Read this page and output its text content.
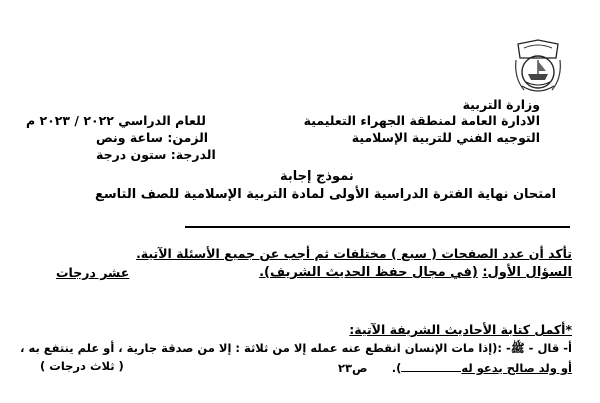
وزارة التربية
الادارة العامة لمنطقة الجهراء التعليمية
التوجيه الفني للتربية الإسلامية
للعام الدراسي ٢٠٢٢ / ٢٠٢٣ م
الزمن: ساعة ونص
الدرجة: ستون درجة
نموذج إجابة
امتحان نهاية الفترة الدراسية الأولى لمادة التربية الإسلامية للصف التاسع
تأكد أن عدد الصفحات ( سبع ) مختلفات ثم أجب عن جميع الأسئلة الآتية.
السؤال الأول: (في مجال حفظ الحديث الشريف).
عشر درجات
*أكمل كتابة الأحاديث الشريفة الآتية:
أ- قال - ﷺ- :(إذا مات الإنسان انقطع عنه عمله إلا من ثلاثة : إلا من صدقة جارية ، أو علم ينتفع به ،
أو ولد صالح يدعو له).
ص٢٣
( ثلاث درجات )
